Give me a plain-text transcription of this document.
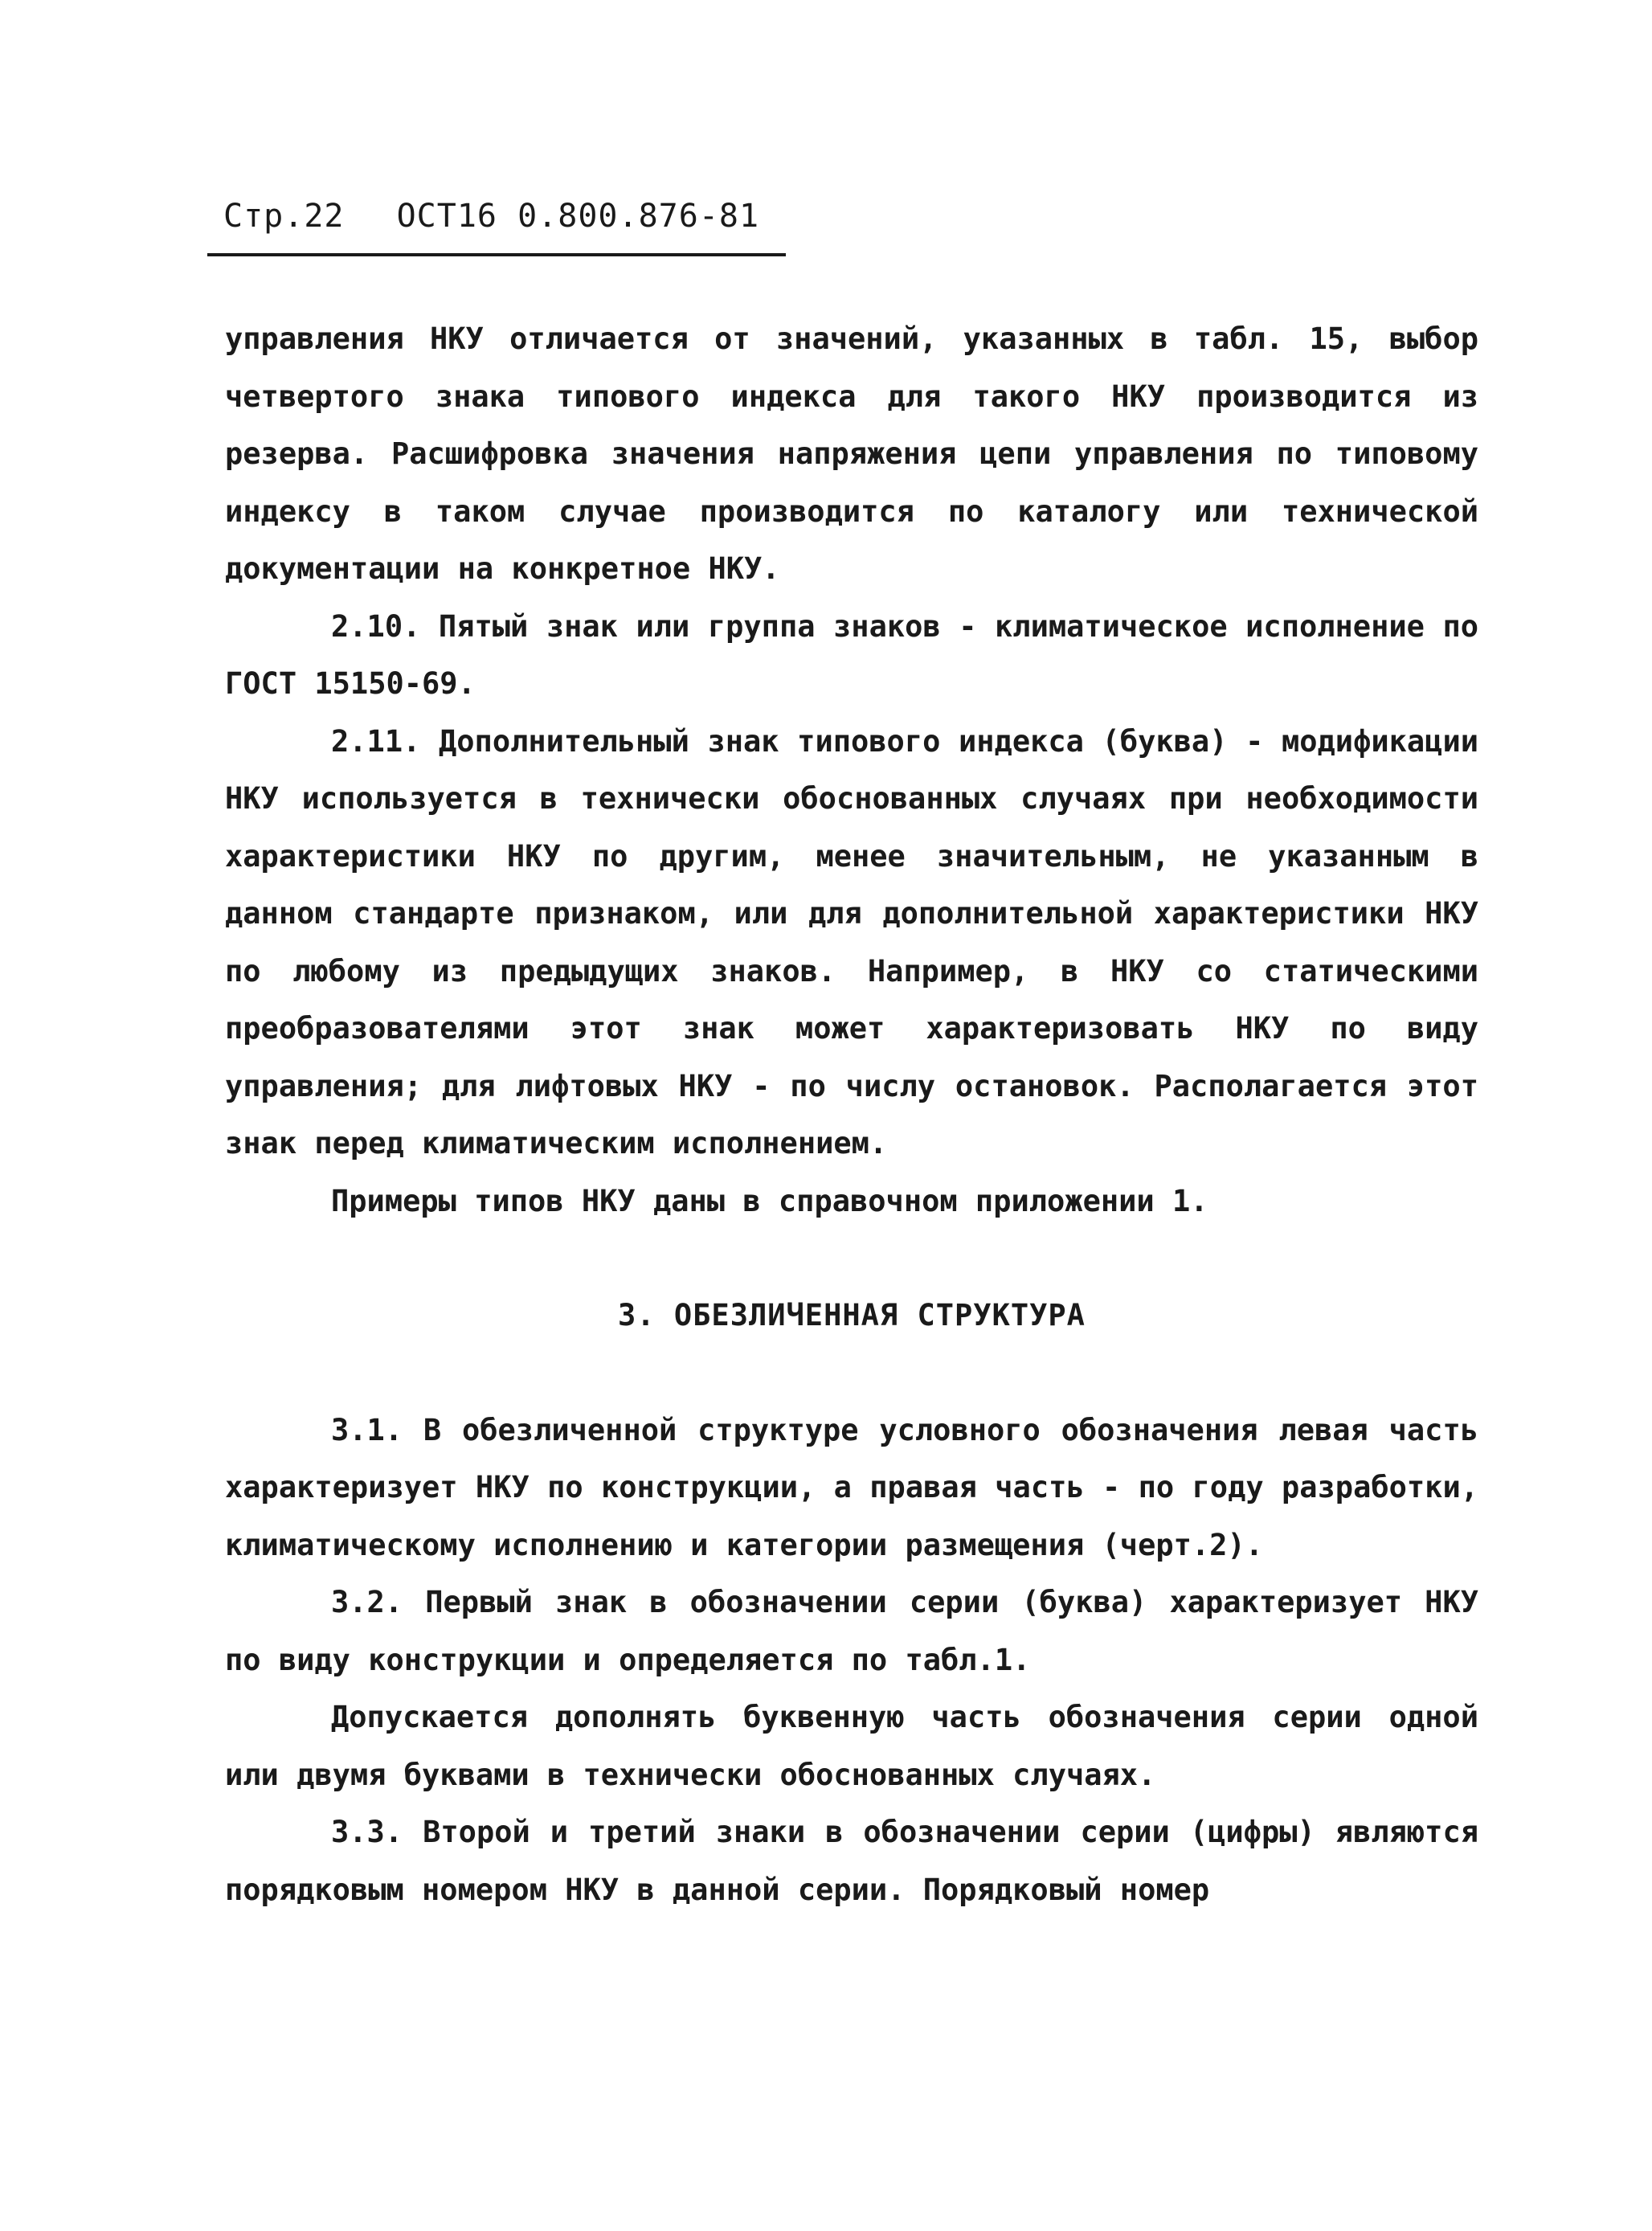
Стр.22 ОСТ16 0.800.876-81

управления НКУ отличается от значений, указанных в табл. 15, выбор четвертого знака типового индекса для такого НКУ производится из резерва. Расшифровка значения напряжения цепи управления по типовому индексу в таком случае производится по каталогу или технической документации на конкретное НКУ.

2.10. Пятый знак или группа знаков - климатическое исполнение по ГОСТ 15150-69.

2.11. Дополнительный знак типового индекса (буква) - модификации НКУ используется в технически обоснованных случаях при необходимости характеристики НКУ по другим, менее значительным, не указанным в данном стандарте признаком, или для дополнительной характеристики НКУ по любому из предыдущих знаков. Например, в НКУ со статическими преобразователями этот знак может характеризовать НКУ по виду управления; для лифтовых НКУ - по числу остановок. Располагается этот знак перед климатическим исполнением.

Примеры типов НКУ даны в справочном приложении 1.

3. ОБЕЗЛИЧЕННАЯ СТРУКТУРА

3.1. В обезличенной структуре условного обозначения левая часть характеризует НКУ по конструкции, а правая часть - по году разработки, климатическому исполнению и категории размещения (черт.2).

3.2. Первый знак в обозначении серии (буква) характеризует НКУ по виду конструкции и определяется по табл.1.

Допускается дополнять буквенную часть обозначения серии одной или двумя буквами в технически обоснованных случаях.

3.3. Второй и третий знаки в обозначении серии (цифры) являются порядковым номером НКУ в данной серии. Порядковый номер
